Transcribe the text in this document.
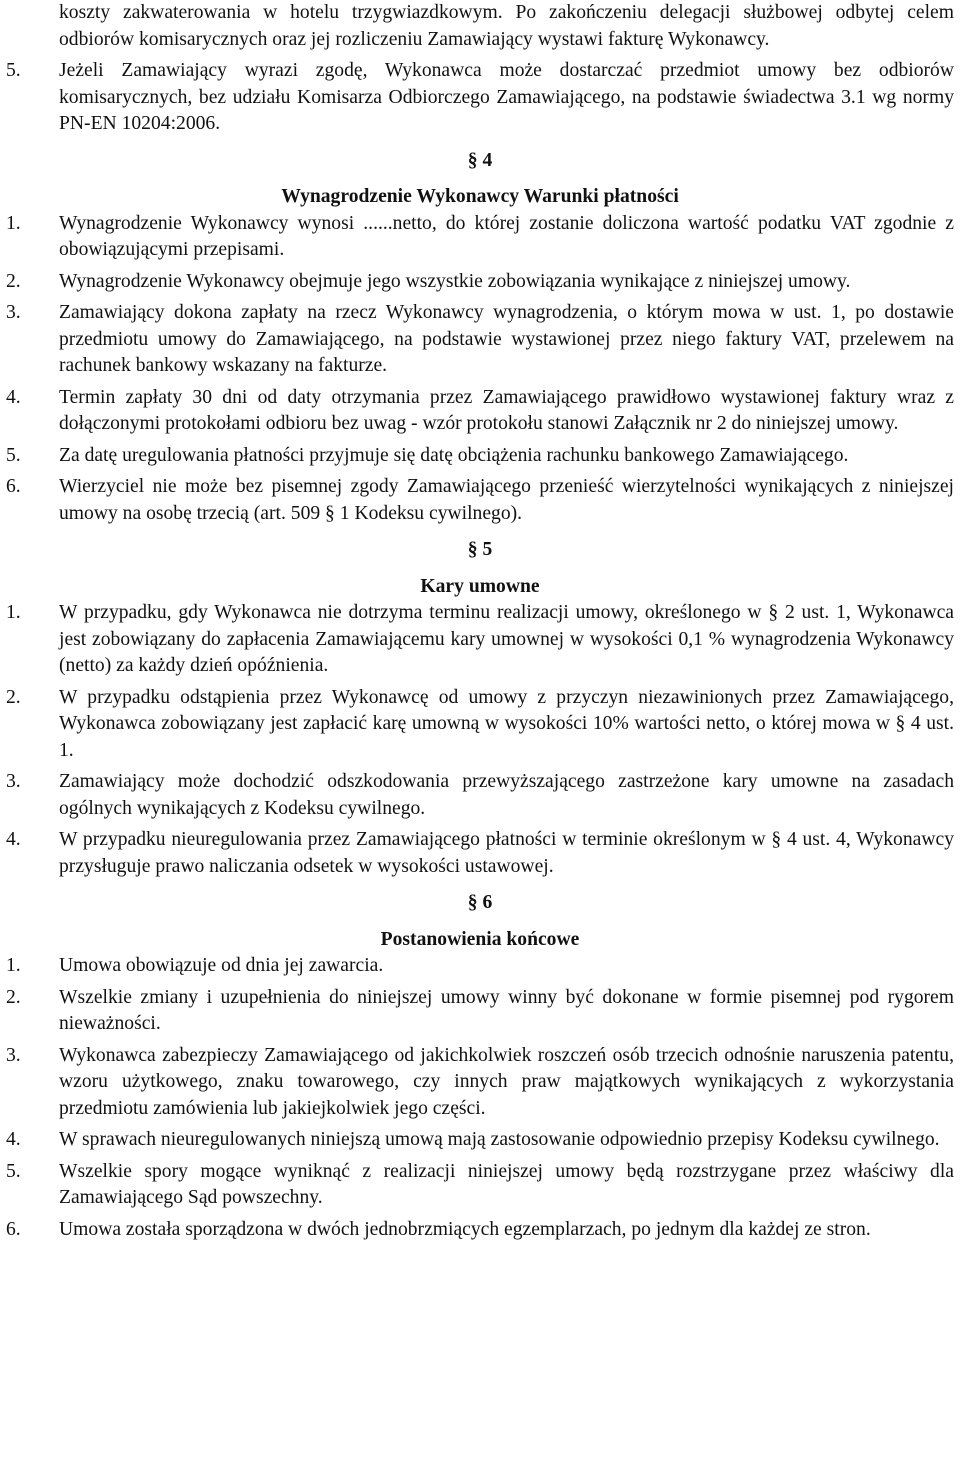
koszty zakwaterowania w hotelu trzygwiazdkowym. Po zakończeniu delegacji służbowej odbytej celem odbiorów komisarycznych oraz jej rozliczeniu Zamawiający wystawi fakturę Wykonawcy.

5.	Jeżeli Zamawiający wyrazi zgodę, Wykonawca może dostarczać przedmiot umowy bez odbiorów komisarycznych, bez udziału Komisarza Odbiorczego Zamawiającego, na podstawie świadectwa 3.1 wg normy PN-EN 10204:2006.

§ 4

Wynagrodzenie Wykonawcy Warunki płatności

1.	Wynagrodzenie Wykonawcy wynosi ......netto, do której zostanie doliczona wartość podatku VAT zgodnie z obowiązującymi przepisami.

2.	Wynagrodzenie Wykonawcy obejmuje jego wszystkie zobowiązania wynikające z niniejszej umowy.

3.	Zamawiający dokona zapłaty na rzecz Wykonawcy wynagrodzenia, o którym mowa w ust. 1, po dostawie przedmiotu umowy do Zamawiającego, na podstawie wystawionej przez niego faktury VAT, przelewem na rachunek bankowy wskazany na fakturze.

4.	Termin zapłaty 30 dni od daty otrzymania przez Zamawiającego prawidłowo wystawionej faktury wraz z dołączonymi protokołami odbioru bez uwag - wzór protokołu stanowi Załącznik nr 2 do niniejszej umowy.

5.	Za datę uregulowania płatności przyjmuje się datę obciążenia rachunku bankowego Zamawiającego.

6.	Wierzyciel nie może bez pisemnej zgody Zamawiającego przenieść wierzytelności wynikających z niniejszej umowy na osobę trzecią (art. 509 § 1 Kodeksu cywilnego).

§ 5

Kary umowne

1.	W przypadku, gdy Wykonawca nie dotrzyma terminu realizacji umowy, określonego w § 2 ust. 1, Wykonawca jest zobowiązany do zapłacenia Zamawiającemu kary umownej w wysokości 0,1 % wynagrodzenia Wykonawcy (netto) za każdy dzień opóźnienia.

2.	W przypadku odstąpienia przez Wykonawcę od umowy z przyczyn niezawinionych przez Zamawiającego, Wykonawca zobowiązany jest zapłacić karę umowną w wysokości 10% wartości netto, o której mowa w § 4 ust. 1.

3.	Zamawiający może dochodzić odszkodowania przewyższającego zastrzeżone kary umowne na zasadach ogólnych wynikających z Kodeksu cywilnego.

4.	W przypadku nieuregulowania przez Zamawiającego płatności w terminie określonym w § 4 ust. 4, Wykonawcy przysługuje prawo naliczania odsetek w wysokości ustawowej.

§ 6

Postanowienia końcowe

1.	Umowa obowiązuje od dnia jej zawarcia.

2.	Wszelkie zmiany i uzupełnienia do niniejszej umowy winny być dokonane w formie pisemnej pod rygorem nieważności.

3.	Wykonawca zabezpieczy Zamawiającego od jakichkolwiek roszczeń osób trzecich odnośnie naruszenia patentu, wzoru użytkowego, znaku towarowego, czy innych praw majątkowych wynikających z wykorzystania przedmiotu zamówienia lub jakiejkolwiek jego części.

4.	W sprawach nieuregulowanych niniejszą umową mają zastosowanie odpowiednio przepisy Kodeksu cywilnego.

5.	Wszelkie spory mogące wyniknąć z realizacji niniejszej umowy będą rozstrzygane przez właściwy dla Zamawiającego Sąd powszechny.

6.	Umowa została sporządzona w dwóch jednobrzmiących egzemplarzach, po jednym dla każdej ze stron.
